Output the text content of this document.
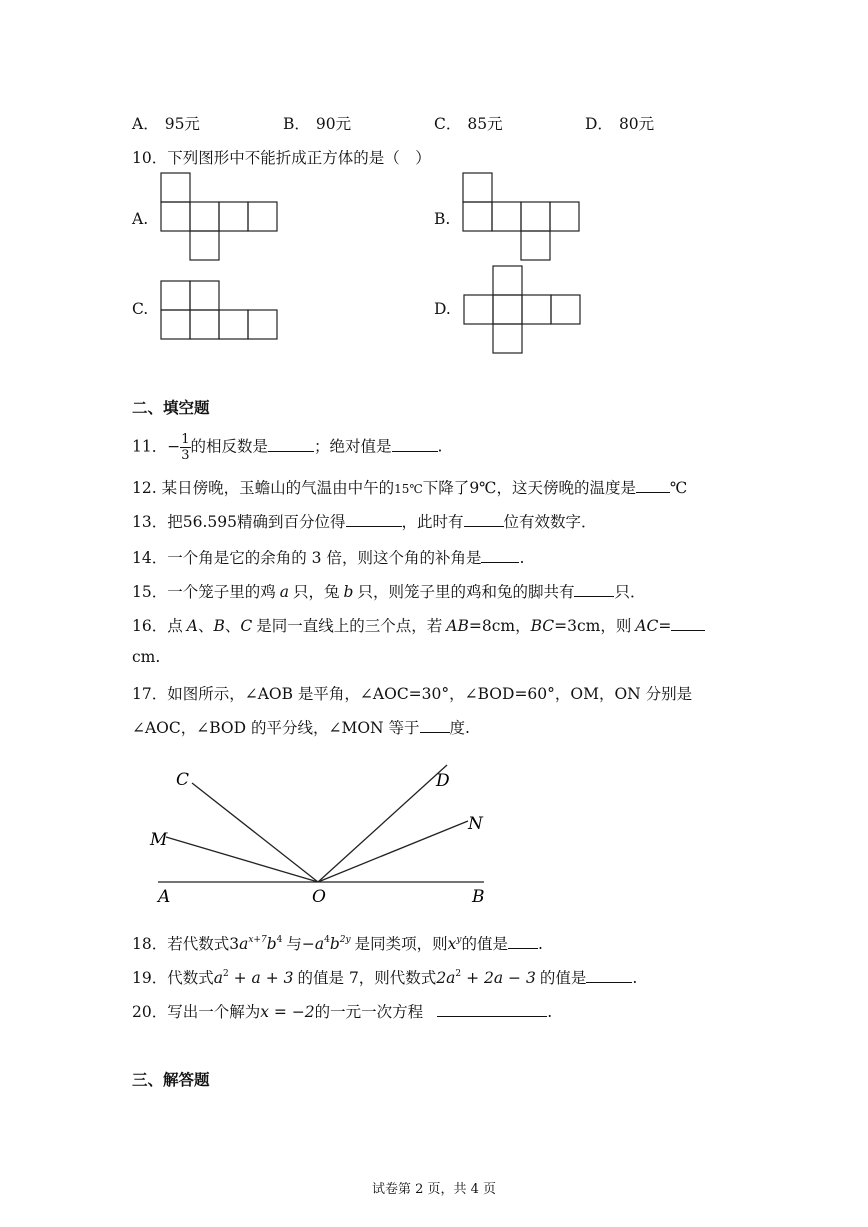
A． 95元	B． 90元	C． 85元	D． 80元
10．下列图形中不能折成正方体的是（　）
A.	B.
C.	D.
二、填空题
11．− $\frac{1}{3}$ 的相反数是	；绝对值是	.
12. 某日傍晚，玉蟾山的气温由中午的15℃下降了9℃，这天傍晚的温度是 ℃
13．把56.595精确到百分位得	，此时有	位有效数字．
14．一个角是它的余角的 3 倍，则这个角的补角是 .
15．一个笼子里的鸡 a 只，兔 b 只，则笼子里的鸡和兔的脚共有	只．
16．点 A、B、C 是同一直线上的三个点，若 AB=8cm，BC=3cm，则 AC=
cm.
17．如图所示，∠AOB 是平角，∠AOC=30°，∠BOD=60°，OM，ON 分别是
∠AOC，∠BOD 的平分线，∠MON 等于 度.
C	D
M
N
A	O	B
18．若代数式$3a^{x+7}b^4$ 与$-a^4b^{2y}$ 是同类项，则$x^y$的值是 .
19．代数式$a^2 + a + 3$ 的值是 7，则代数式$2a^2 + 2a - 3$ 的值是	.
20．写出一个解为x = −2的一元一次方程	.
三、解答题
试卷第 2 页，共 4 页
